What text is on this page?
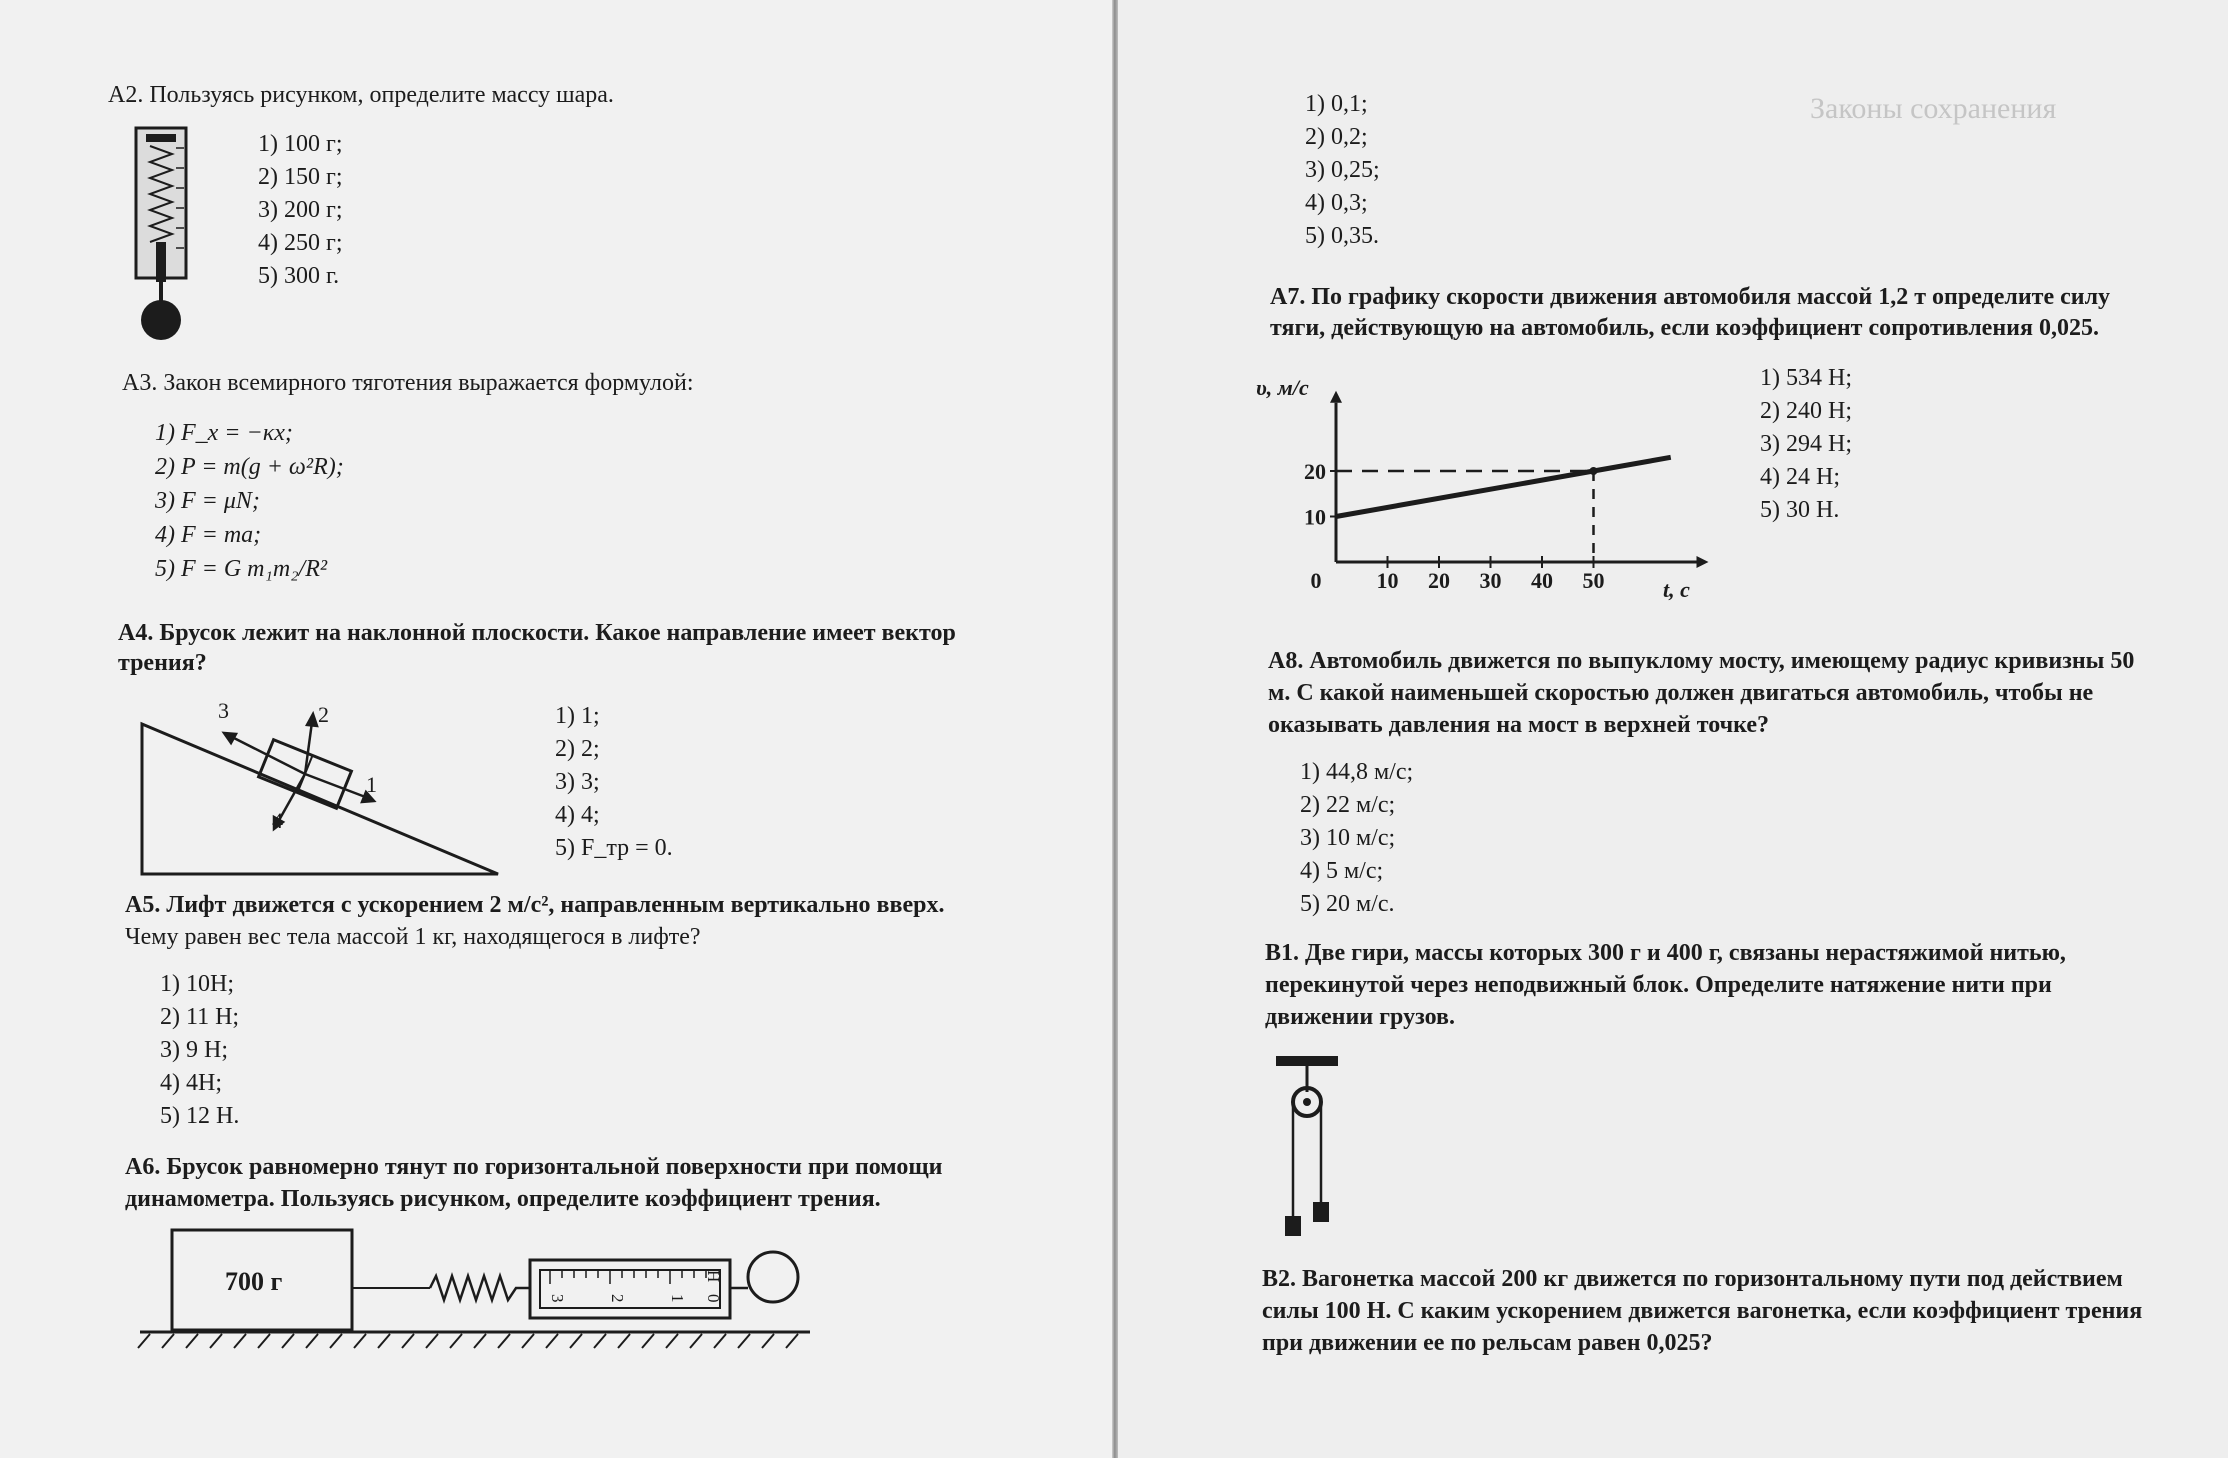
Законы сохранения
А2. Пользуясь рисунком, определите массу шара.
1) 100 г;
2) 150 г;
3) 200 г;
4) 250 г;
5) 300 г.
А3. Закон всемирного тяготения выражается формулой:
1) F_x = −κx;
2) P = m(g + ω²R);
3) F = μN;
4) F = ma;
5) F = G m₁m₂/R²
А4. Брусок лежит на наклонной плоскости. Какое направление имеет вектор
трения?
1
2
3
4
1) 1;
2) 2;
3) 3;
4) 4;
5) F_тр = 0.
А5. Лифт движется с ускорением 2 м/с², направленным вертикально вверх.
Чему равен вес тела массой 1 кг, находящегося в лифте?
1) 10Н;
2) 11 Н;
3) 9 Н;
4) 4Н;
5) 12 Н.
А6. Брусок равномерно тянут по горизонтальной поверхности при помощи
динамометра. Пользуясь рисунком, определите коэффициент трения.
700 г
3 2 1 0
Н
1) 0,1;
2) 0,2;
3) 0,25;
4) 0,3;
5) 0,35.
А7. По графику скорости движения автомобиля массой 1,2 т определите силу
тяги, действующую на автомобиль, если коэффициент сопротивления 0,025.
0	10 20 30 40 50
10
20
υ, м/с
t, c
1) 534 Н;
2) 240 Н;
3) 294 Н;
4) 24 Н;
5) 30 Н.
А8. Автомобиль движется по выпуклому мосту, имеющему радиус кривизны 50
м. С какой наименьшей скоростью должен двигаться автомобиль, чтобы не
оказывать давления на мост в верхней точке?
1) 44,8 м/с;
2) 22 м/с;
3) 10 м/с;
4) 5 м/с;
5) 20 м/с.
В1. Две гири, массы которых 300 г и 400 г, связаны нерастяжимой нитью,
перекинутой через неподвижный блок. Определите натяжение нити при
движении грузов.
В2. Вагонетка массой 200 кг движется по горизонтальному пути под действием
силы 100 Н. С каким ускорением движется вагонетка, если коэффициент трения
при движении ее по рельсам равен 0,025?
